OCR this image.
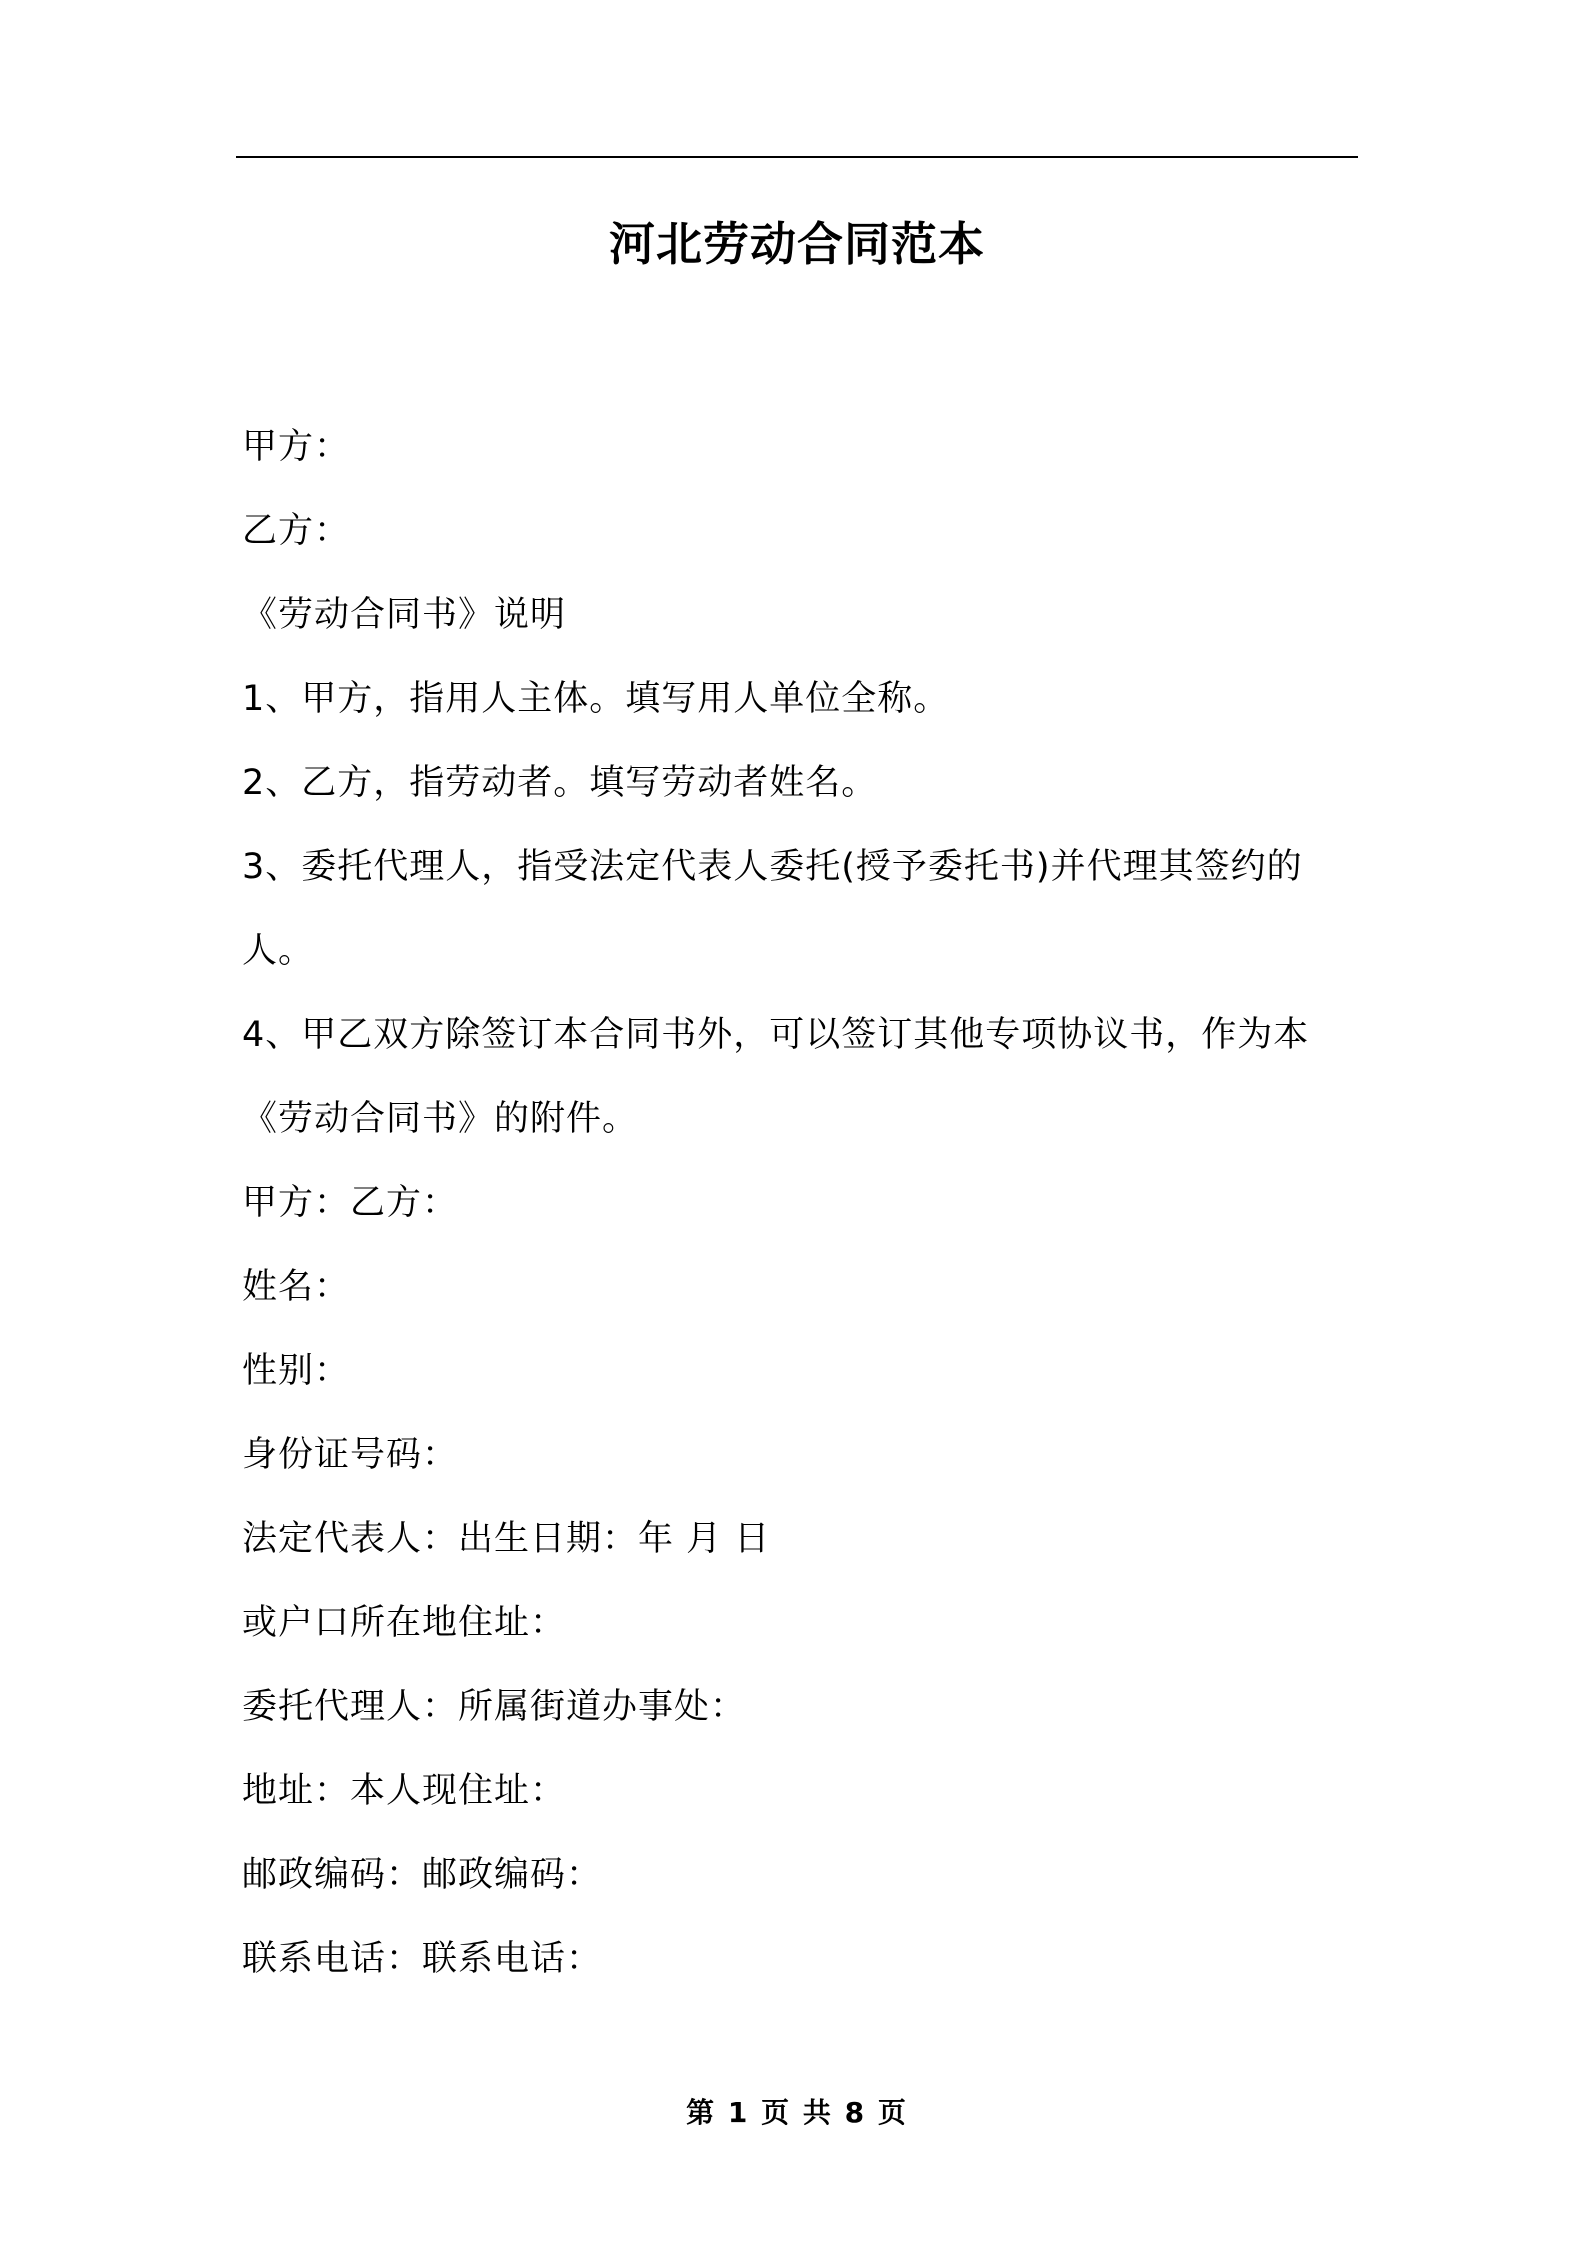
河北劳动合同范本
甲方：
乙方：
《劳动合同书》说明
1、甲方，指用人主体。填写用人单位全称。
2、乙方，指劳动者。填写劳动者姓名。
3、委托代理人，指受法定代表人委托(授予委托书)并代理其签约的
人。
4、甲乙双方除签订本合同书外，可以签订其他专项协议书，作为本
《劳动合同书》的附件。
甲方：乙方：
姓名：
性别：
身份证号码：
法定代表人：出生日期：年 月 日
或户口所在地住址：
委托代理人：所属街道办事处：
地址：本人现住址：
邮政编码：邮政编码：
联系电话：联系电话：
第 1 页 共 8 页
